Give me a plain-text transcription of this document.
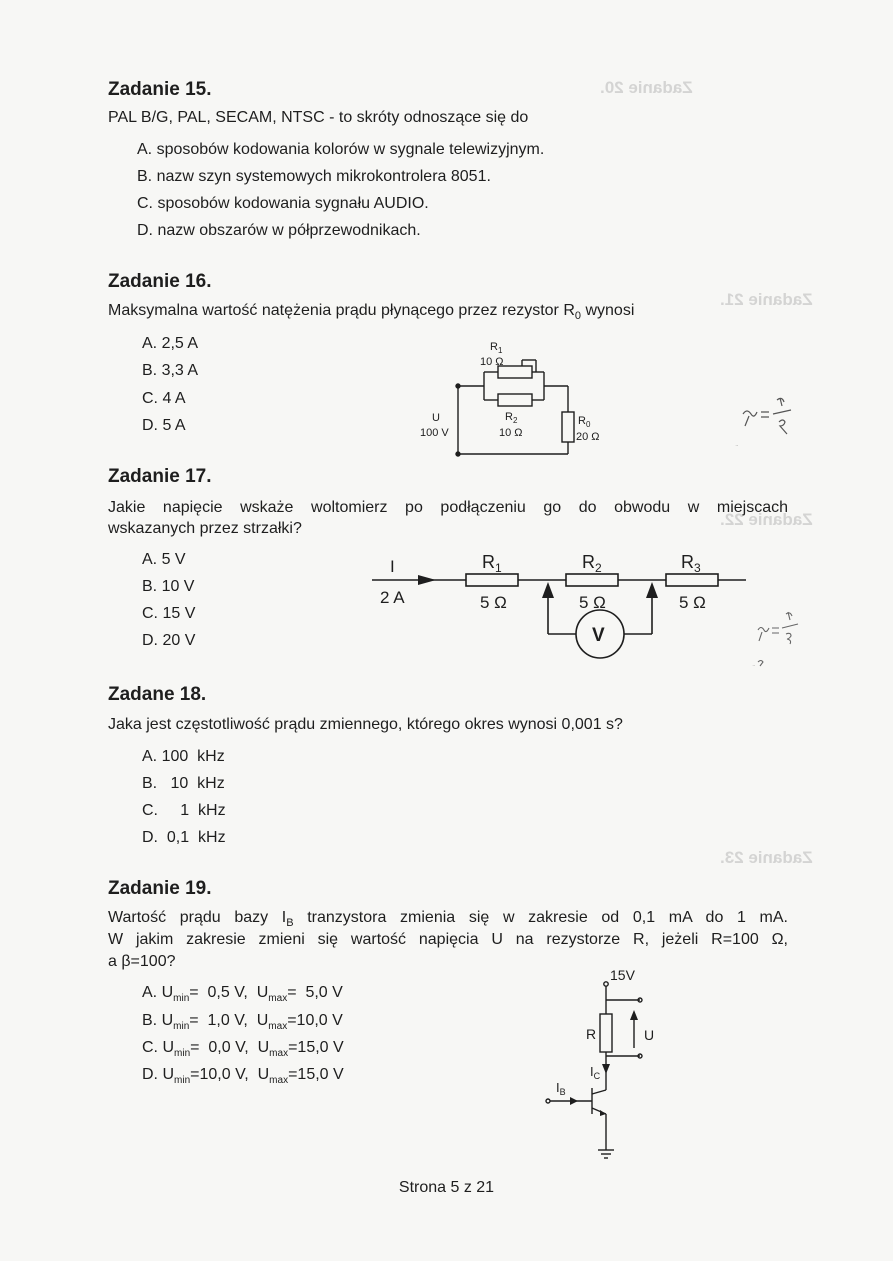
Zadanie 20.
Zadanie 21.
Zadanie 22.
Zadanie 23.
Zadanie 15.
PAL B/G, PAL, SECAM, NTSC - to skróty odnoszące się do
A. sposobów kodowania kolorów w sygnale telewizyjnym.
B. nazw szyn systemowych mikrokontrolera 8051.
C. sposobów kodowania sygnału AUDIO.
D. nazw obszarów w półprzewodnikach.
Zadanie 16.
Maksymalna wartość natężenia prądu płynącego przez rezystor $R_0$ wynosi
A. 2,5 A
B. 3,3 A
C. 4 A
D. 5 A
$R_1$
10 Ω
$R_2$
10 Ω
$R_0$
20 Ω
U
100 V
I = U/R
Zadanie 17.
Jakie napięcie wskaże woltomierz po podłączeniu go do obwodu w miejscach
wskazanych przez strzałki?
A. 5 V
B. 10 V
C. 15 V
D. 20 V
I
2 A
$R_1$
5 Ω
$R_2$
5 Ω
$R_3$
5 Ω
V
I = U/3
Zadane 18.
Jaka jest częstotliwość prądu zmiennego, którego okres wynosi 0,001 s?
A. 100  kHz
B.   10  kHz
C.     1  kHz
D.  0,1  kHz
Zadanie 19.
Wartość prądu bazy $I_B$ tranzystora zmienia się w zakresie od 0,1 mA do 1 mA.
W jakim zakresie zmieni się wartość napięcia U na rezystorze R, jeżeli R=100 Ω,
a β=100?
A. $U_{min}= 0,5$ V, $U_{max}= 5,0$ V
B. $U_{min}= 1,0$ V, $U_{max}=10,0$ V
C. $U_{min}= 0,0$ V, $U_{max}=15,0$ V
D. $U_{min}=10,0$ V, $U_{max}=15,0$ V
15V
R	U
$I_C$
$I_B$
Strona 5 z 21
